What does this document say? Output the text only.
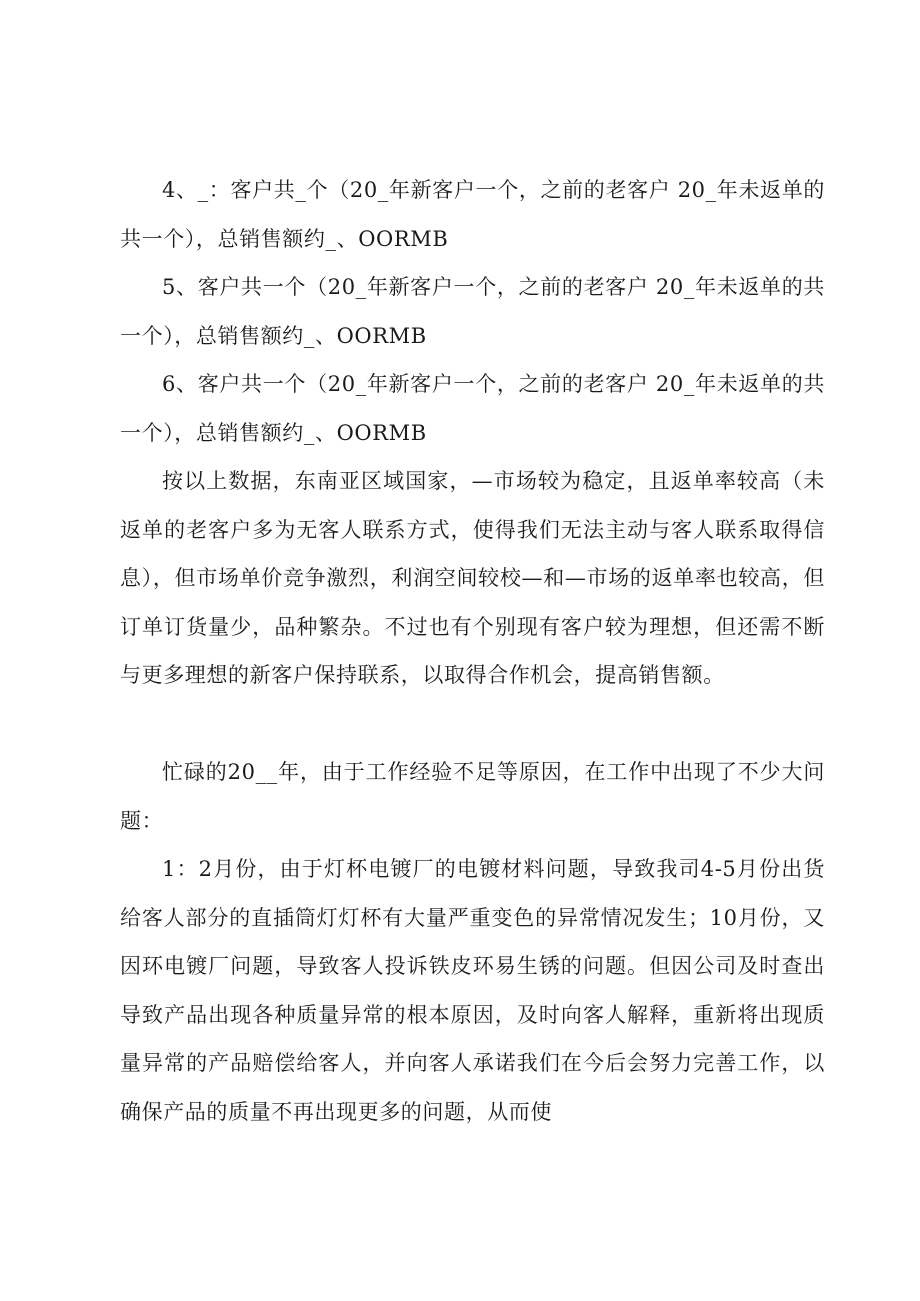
4、_：客户共_个（20_年新客户一个，之前的老客户 20_年未返单的共一个），总销售额约_、OORMB

5、客户共一个（20_年新客户一个，之前的老客户 20_年未返单的共一个），总销售额约_、OORMB

6、客户共一个（20_年新客户一个，之前的老客户 20_年未返单的共一个），总销售额约_、OORMB

按以上数据，东南亚区域国家，—市场较为稳定，且返单率较高（未返单的老客户多为无客人联系方式，使得我们无法主动与客人联系取得信息），但市场单价竞争激烈，利润空间较校—和—市场的返单率也较高，但订单订货量少，品种繁杂。不过也有个别现有客户较为理想，但还需不断与更多理想的新客户保持联系，以取得合作机会，提高销售额。

忙碌的20__年，由于工作经验不足等原因，在工作中出现了不少大问题：

1：2月份，由于灯杯电镀厂的电镀材料问题，导致我司4-5月份出货给客人部分的直插筒灯灯杯有大量严重变色的异常情况发生；10月份，又因环电镀厂问题，导致客人投诉铁皮环易生锈的问题。但因公司及时查出导致产品出现各种质量异常的根本原因，及时向客人解释，重新将出现质量异常的产品赔偿给客人，并向客人承诺我们在今后会努力完善工作，以确保产品的质量不再出现更多的问题，从而使
